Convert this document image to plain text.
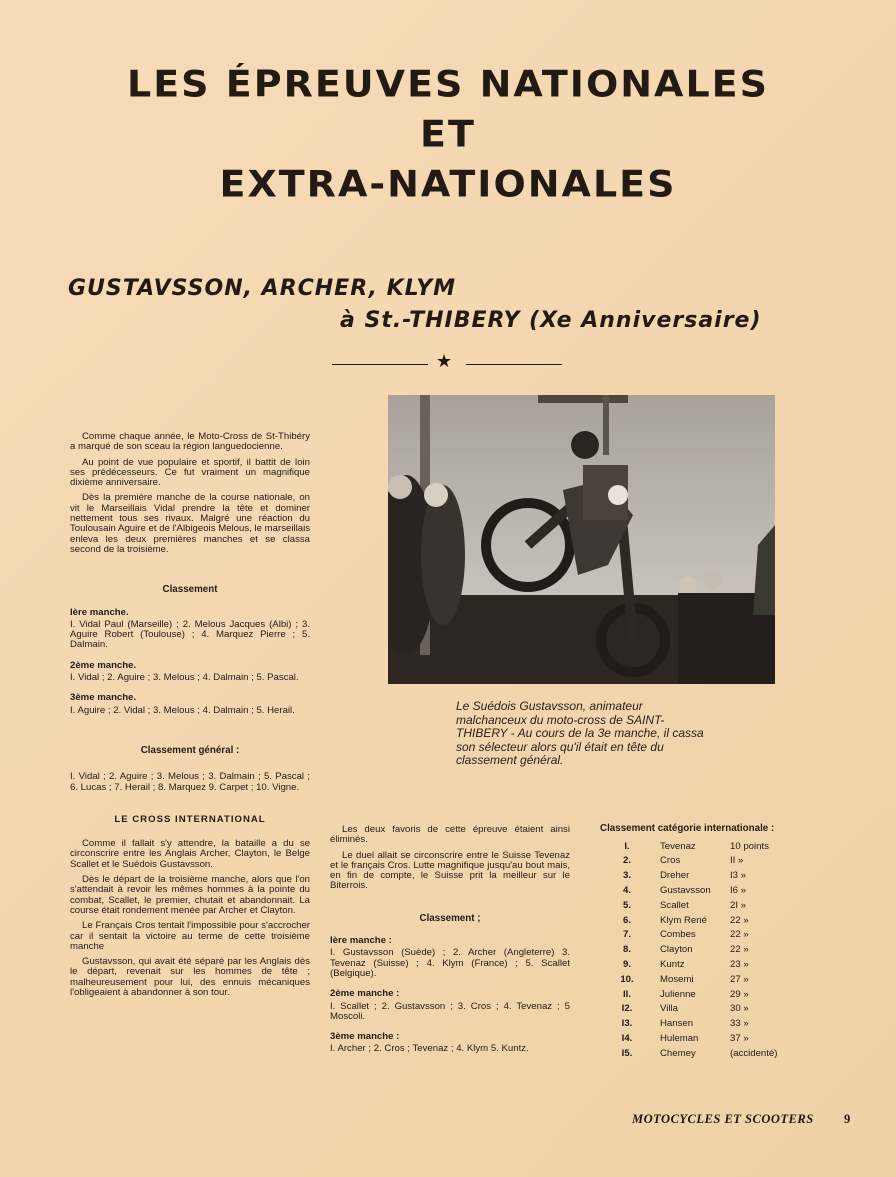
LES ÉPREUVES NATIONALES
ET
EXTRA-NATIONALES
GUSTAVSSON, ARCHER, KLYM
à St.-THIBERY (Xe Anniversaire)
★
Le Suédois Gustavsson, animateur malchanceux du moto-cross de SAINT-THIBERY - Au cours de la 3e manche, il cassa son sélecteur alors qu'il était en tête du classement général.

Comme chaque année, le Moto-Cross de St-Thibéry a marqué de son sceau la région languedocienne.

Au point de vue populaire et sportif, il battit de loin ses prédécesseurs. Ce fut vraiment un magnifique dixième anniversaire.

Dès la première manche de la course nationale, on vit le Marseillais Vidal prendre la tête et dominer nettement tous ses rivaux. Malgré une réaction du Toulousain Aguire et de l'Albigeois Melous, le marseillais enleva les deux premières manches et se classa second de la troisième.

Classement
Ière manche.

I. Vidal Paul (Marseille) ; 2. Melous Jacques (Albi) ; 3. Aguire Robert (Toulouse) ; 4. Marquez Pierre ; 5. Dalmain.

2ème manche.

I. Vidal ; 2. Aguire ; 3. Melous ; 4. Dalmain ; 5. Pascal.

3ème manche.

I. Aguire ; 2. Vidal ; 3. Melous ; 4. Dalmain ; 5. Herail.

Classement général :

I. Vidal ; 2. Aguire ; 3. Melous ; 3. Dalmain ; 5. Pascal ; 6. Lucas ; 7. Herail ; 8. Marquez 9. Carpet ; 10. Vigne.

LE CROSS INTERNATIONAL

Comme il fallait s'y attendre, la bataille a du se circonscrire entre les Anglais Archer, Clayton, le Belge Scallet et le Suédois Gustavsson.

Dès le départ de la troisième manche, alors que l'on s'attendait à revoir les mêmes hommes à la pointe du combat, Scallet, le premier, chutait et abandonnait. La course était rondement menée par Archer et Clayton.

Le Français Cros tentait l'impossible pour s'accrocher car il sentait la victoire au terme de cette troisième manche

Gustavsson, qui avait été séparé par les Anglais dès le départ, revenait sur les hommes de tête ; malheureusement pour lui, des ennuis mécaniques l'obligeaient à abandonner à son tour.

Les deux favoris de cette épreuve étaient ainsi éliminés.

Le duel allait se circonscrire entre le Suisse Tevenaz et le français Cros. Lutte magnifique jusqu'au bout mais, en fin de compte, le Suisse prit la meilleur sur le Biterrois.

Classement ;
Ière manche :

I. Gustavsson (Suède) ; 2. Archer (Angleterre) 3. Tevenaz (Suisse) ; 4. Klym (France) ; 5. Scallet (Belgique).

2ème manche :

I. Scallet ; 2. Gustavsson ; 3. Cros ; 4. Tevenaz ; 5 Moscoli.

3ème manche :

I. Archer ; 2. Cros ; Tevenaz ; 4. Klym 5. Kuntz.

Classement catégorie internationale :
I.	Tevenaz	10 points
2.	Cros	II »
3.	Dreher	I3 »
4.	Gustavsson	I6 »
5.	Scallet	2I »
6.	Klym René	22 »
7.	Combes	22 »
8.	Clayton	22 »
9.	Kuntz	23 »
10.	Mosemi	27 »
II.	Julienne	29 »
I2.	Villa	30 »
I3.	Hansen	33 »
I4.	Huleman	37 »
I5.	Chemey	(accidenté)
MOTOCYCLES ET SCOOTERS 9
